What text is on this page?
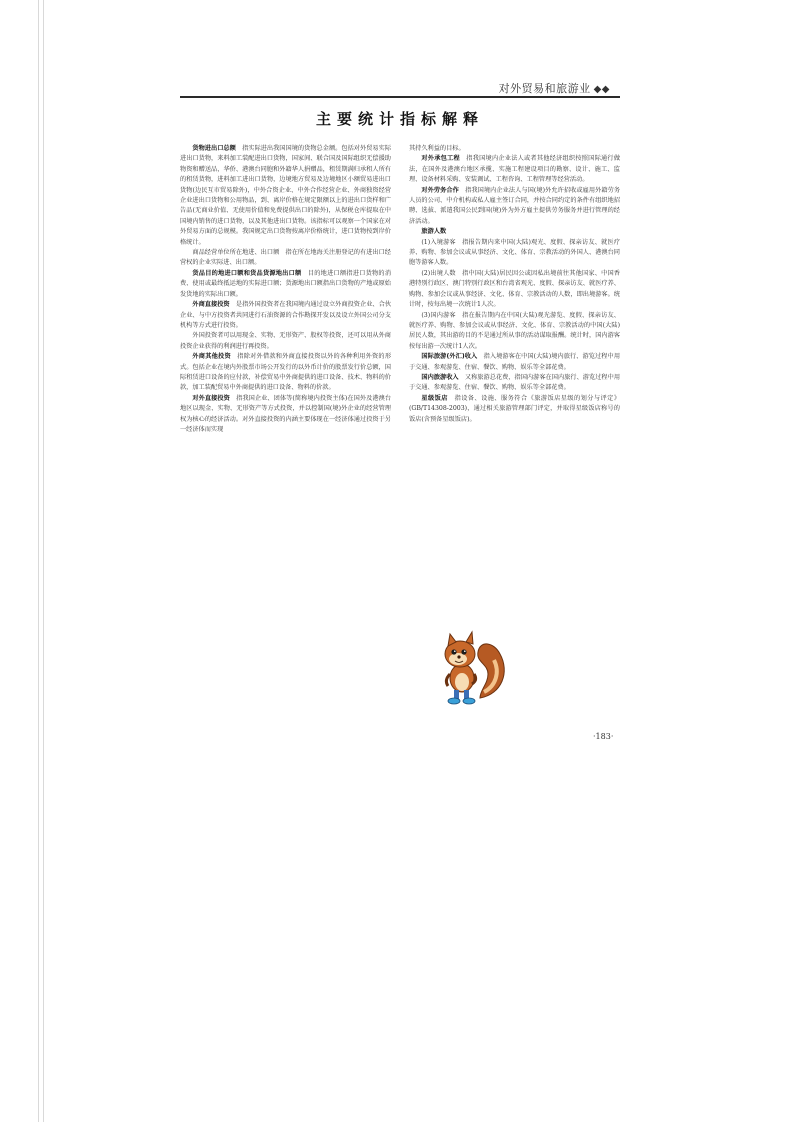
对外贸易和旅游业 ◆◆
主要统计指标解释

货物进出口总额　 指实际进出我国国境的货物总金额。包括对外贸易实际进出口货物，来料加工装配进出口货物，国家间、联合国及国际组织无偿援助物资和赠送品，华侨、港澳台同胞和外籍华人捐赠品，租赁期满归承租人所有的租赁货物，进料加工进出口货物，边境地方贸易及边境地区小额贸易进出口货物(边民互市贸易除外)，中外合资企业、中外合作经营企业、外商独资经营企业进出口货物和公用物品，到、离岸价格在规定限额以上的进出口货样和广告品(无商业价值、无使用价值和免费提供出口的除外)，从保税仓库提取在中国境内销售的进口货物，以及其他进出口货物。该指标可以观察一个国家在对外贸易方面的总规模。我国规定出口货物按离岸价格统计，进口货物按到岸价格统计。

商品经营单位所在地进、出口额　指在所在地海关注册登记的有进出口经营权的企业实际进、出口额。

货品目的地进口额和货品货源地出口额　 目的地进口额指进口货物的消费、使用或最终抵运地的实际进口额；货源地出口额指出口货物的产地或原始发货地的实际出口额。

外商直接投资　 是指外国投资者在我国境内通过设立外商投资企业、合伙企业、与中方投资者共同进行石油资源的合作勘探开发以及设立外国公司分支机构等方式进行投资。

外国投资者可以用现金、实物、无形资产、股权等投资，还可以用从外商投资企业获得的利润进行再投资。

外商其他投资　 指除对外借款和外商直接投资以外的各种利用外资的形式。包括企业在境内外股票市场公开发行的以外币计价的股票发行价总额，国际租赁进口设备的应付款，补偿贸易中外商提供的进口设备、技术、物料的价款，加工装配贸易中外商提供的进口设备、物料的价款。

对外直接投资　 指我国企业、团体等(简称境内投资主体)在国外及港澳台地区以现金、实物、无形资产等方式投资，并以控制国(境)外企业的经营管理权为核心的经济活动。对外直接投资的内涵主要体现在一经济体通过投资于另一经济体而实现

其持久利益的目标。

对外承包工程　 指我国境内企业法人或者其他经济组织按照国际通行做法，在国外及港澳台地区承揽、实施工程建设项目的勘察、设计、施工、监理、设备材料采购、安装调试、工程咨询、工程管理等经营活动。

对外劳务合作　 指我国境内企业法人与国(境)外允许招收或雇用外籍劳务人员的公司、中介机构或私人雇主签订合同，并按合同约定的条件有组织地招聘、选拔、派遣我国公民到国(境)外为外方雇主提供劳务服务并进行管理的经济活动。

旅游人数

(1)入境游客　指报告期内来中国(大陆)观光、度假、探亲访友、就医疗养、购物、参加会议或从事经济、文化、体育、宗教活动的外国人、港澳台同胞等游客人数。

(2)出境人数　指中国(大陆)居民因公或因私出境前往其他国家、中国香港特别行政区、澳门特别行政区和台湾省观光、度假、探亲访友、就医疗养、购物、参加会议或从事经济、文化、体育、宗教活动的人数，即出境游客。统计时，按每出境一次统计1人次。

(3)国内游客　指在报告期内在中国(大陆)观光游览、度假、探亲访友、就医疗养、购物、参加会议或从事经济、文化、体育、宗教活动的中国(大陆)居民人数，其出游的目的不是通过所从事的活动谋取报酬。统计时，国内游客按每出游一次统计1人次。

国际旅游(外汇)收入　 指入境游客在中国(大陆)境内旅行、游览过程中用于交通、参观游览、住宿、餐饮、购物、娱乐等全部花费。

国内旅游收入　 又称旅游总花费，指国内游客在国内旅行、游览过程中用于交通、参观游览、住宿、餐饮、购物、娱乐等全部花费。

星级饭店　 指设备、设施、服务符合《旅游饭店星级的划分与评定》(GB/T14308-2003)，通过相关旅游管理部门评定，并取得星级饭店称号的饭店(含预备星级饭店)。

·183·
